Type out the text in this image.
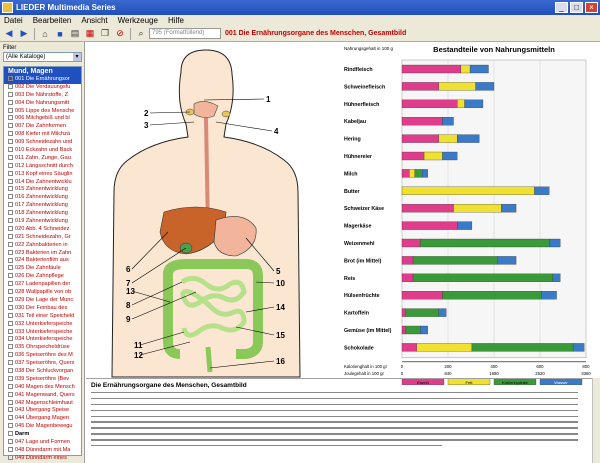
LIEDER Multimedia Series	_	□	×
Datei Bearbeiten Ansicht Werkzeuge Hilfe
◀ ▶	⌂	■ ▤ ▦ ❐ ⊘	⌕	795 (Formatfüllend)	001 Die Ernährungsorgane des Menschen, Gesamtbild
Filter
(Alle Kataloge)	▾
Mund, Magen
001 Die Ernährungsor
002 Die Verdauungsfu
003 Die Nährstoffe, Z
004 Die Nahrungsmitt
005 Lippe des Mensche
006 Milchgebiß und bl
007 Die Zahnformen
008 Kiefer mit Milchzä
009 Schneidezahn und
010 Eckzahn und Back
011 Zahn, Zunge, Gau
012 Längsschnitt durch
013 Kopf eines Säuglin
014 Die Zahnentwicklu
015 Zahnentwicklung
016 Zahnentwicklung
017 Zahnentwicklung
018 Zahnentwicklung
019 Zahnentwicklung
020 Abb. 4 Schneidez
021 Schneidezahn, Gr
022 Zahnbakterien in
023 Bakterien im Zahn
024 Bakterienfilm aus
025 Die Zahnfäule
026 Die Zahnpflege
027 Ladenpapillen der
028 Wallpapille von ob
029 Die Lage der Munc
030 Der Feinbau des
031 Teil einer Speicheld
032 Unterkieferspeiche
033 Unterkieferspeiche
034 Unterkieferspeiche
035 Ohrspeicheldrüse
036 Speiseröhre des M
037 Speiseröhre, Quers
038 Der Schluckvorgan
039 Speiseröhre (Bev
040 Magen des Mensch
041 Magenwand, Quers
042 Magenschleimhaut
043 Übergang Speise
044 Übergang Magen
045 Die Magenbewegu
Darm
047 Lage und Formen
048 Dünndarm mit Ma
049 Dünndarm eines
1
2
3
4
5
6
7
8
9
10
11
12
13
14
15
16
Bestandteile von Nahrungsmitteln
Nahrungsgehalt in 100 g
Rindfleisch
Schweinefleisch
Hühnerfleisch
Kabeljau
Hering
Hühnereier
Milch
Butter
Schweizer Käse
Magerkäse
Weizenmehl
Brot (im Mittel)
Reis
Hülsenfrüchte
Kartoffeln
Gemüse (im Mittel)
Schokolade
Kalorienghalt in 100 gr
Joulegehalt in 100 gr
0	200	400	600	800
0	840	1680	2520	3360
Eiweiß	Fett	Kohlenhydrate	Wasser
Die Ernährungsorgane des Menschen, Gesamtbild
